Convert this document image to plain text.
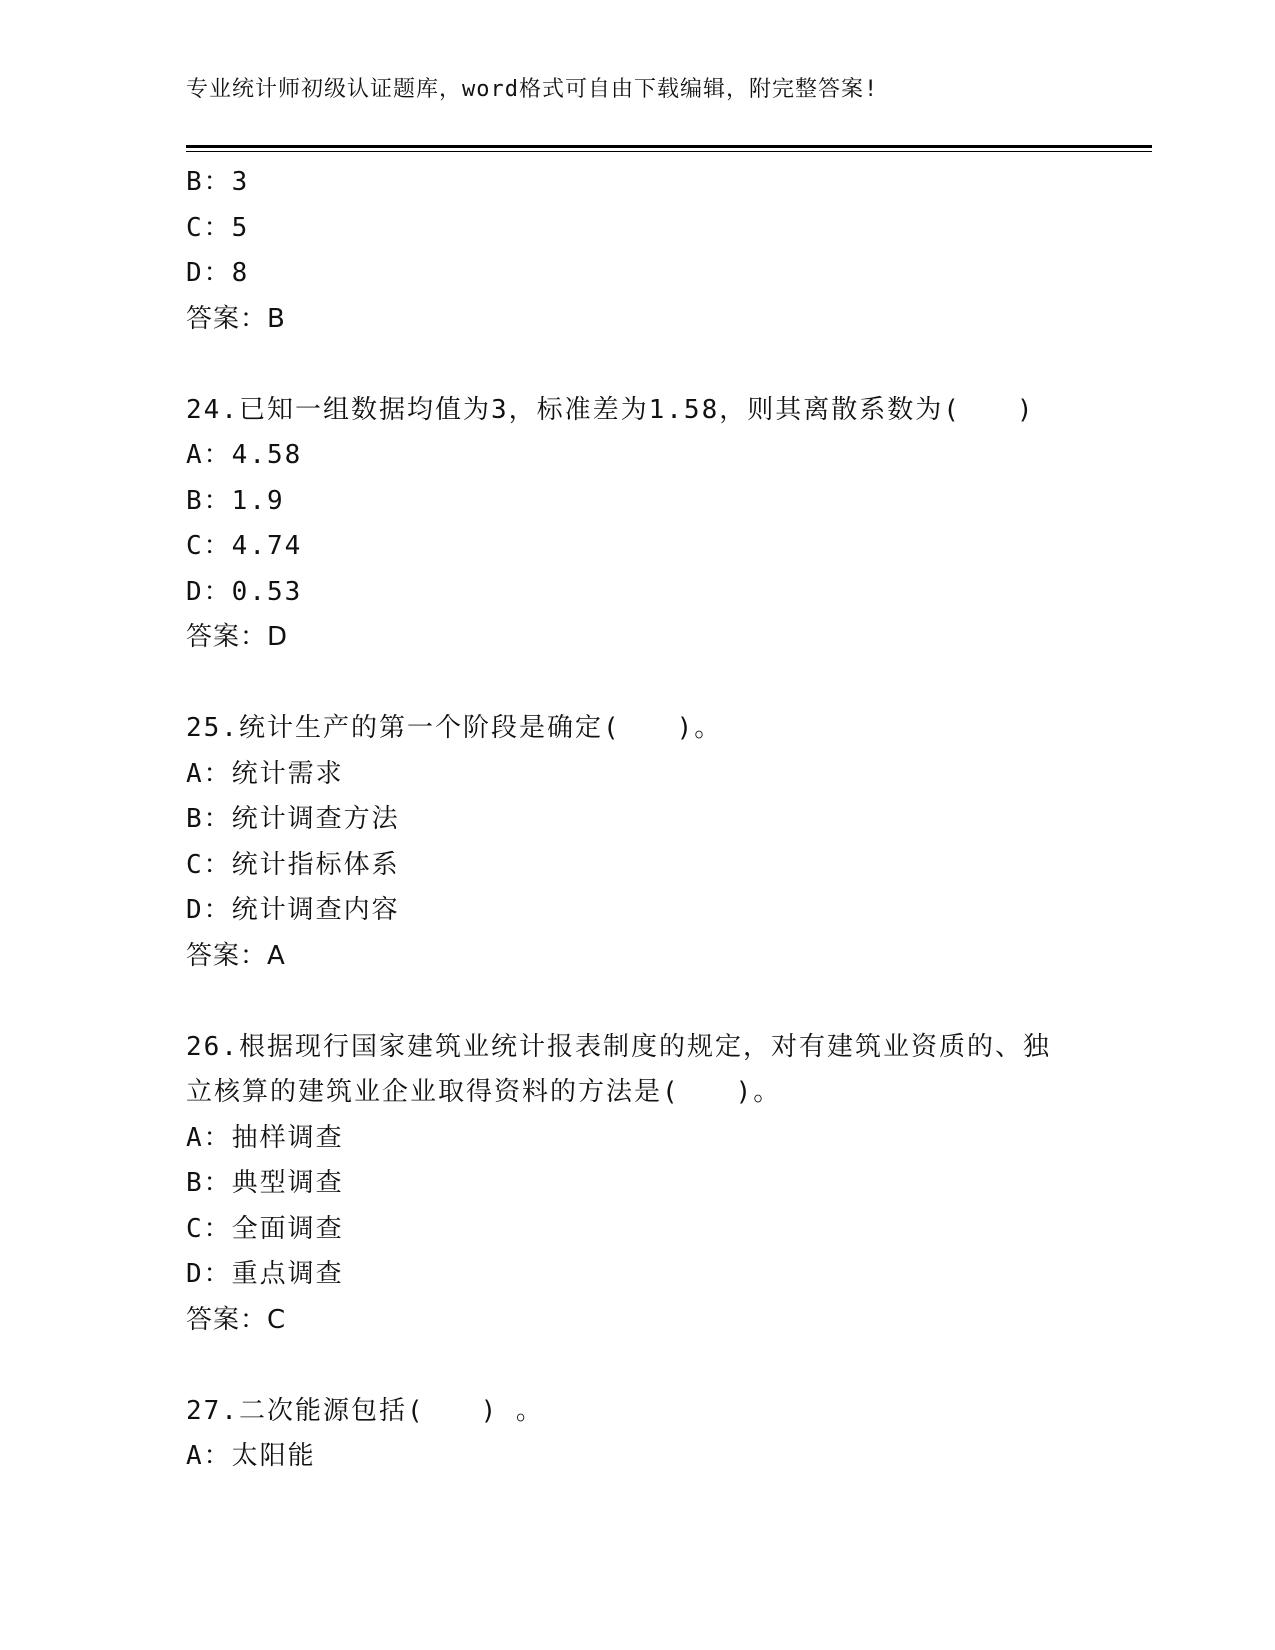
专业统计师初级认证题库，word格式可自由下载编辑，附完整答案!
B：3
C：5
D：8
答案：B
24.已知一组数据均值为3，标准差为1.58，则其离散系数为(　　)
A：4.58
B：1.9
C：4.74
D：0.53
答案：D
25.统计生产的第一个阶段是确定(　　)。
A：统计需求
B：统计调查方法
C：统计指标体系
D：统计调查内容
答案：A
26.根据现行国家建筑业统计报表制度的规定，对有建筑业资质的、独
立核算的建筑业企业取得资料的方法是(　　)。
A：抽样调查
B：典型调查
C：全面调查
D：重点调查
答案：C
27.二次能源包括(　　) 。
A：太阳能
